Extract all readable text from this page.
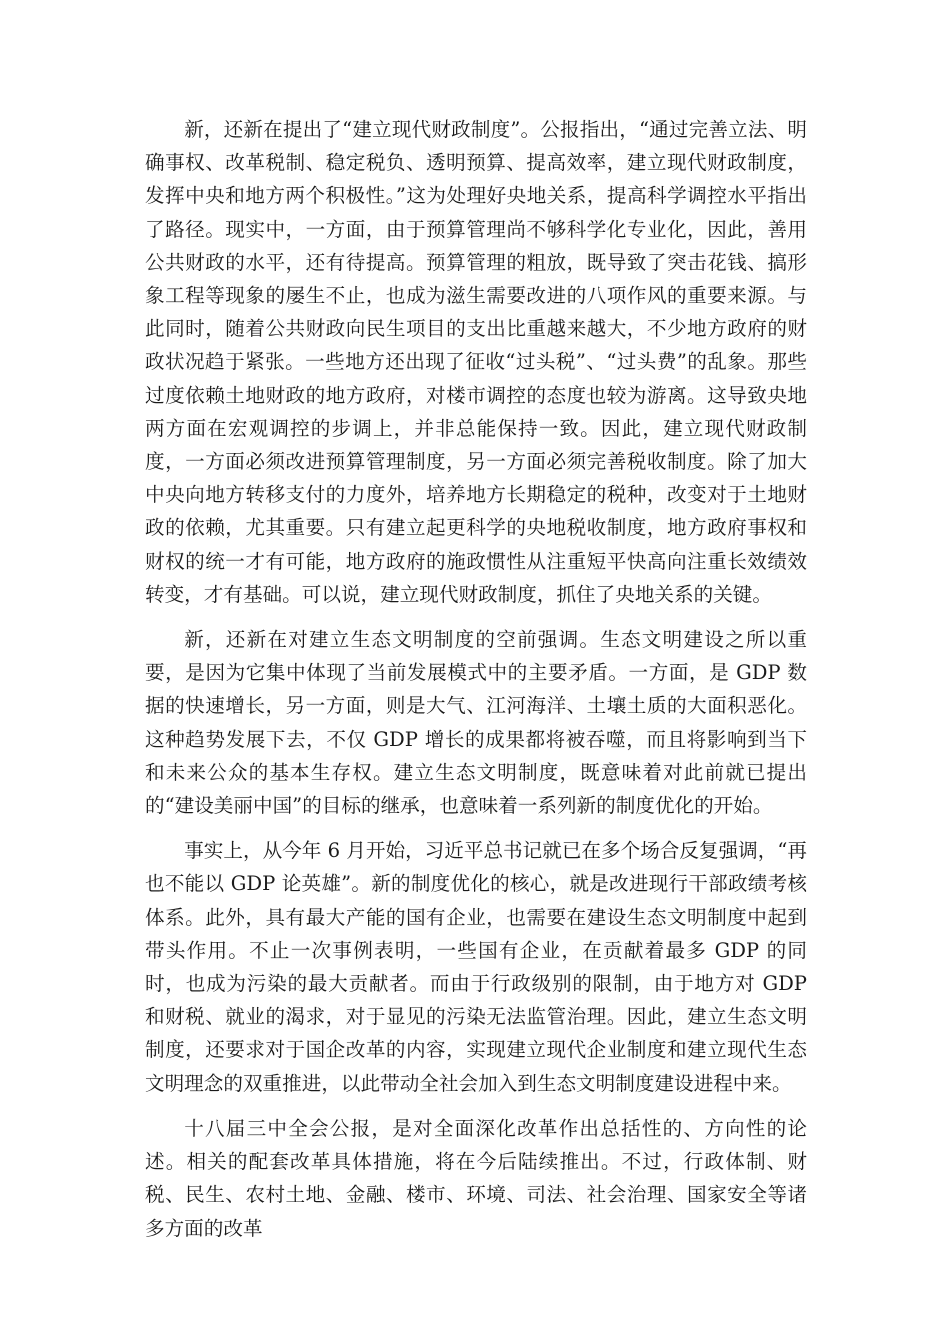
新，还新在提出了“建立现代财政制度”。公报指出，“通过完善立法、明确事权、改革税制、稳定税负、透明预算、提高效率，建立现代财政制度，发挥中央和地方两个积极性。”这为处理好央地关系，提高科学调控水平指出了路径。现实中，一方面，由于预算管理尚不够科学化专业化，因此，善用公共财政的水平，还有待提高。预算管理的粗放，既导致了突击花钱、搞形象工程等现象的屡生不止，也成为滋生需要改进的八项作风的重要来源。与此同时，随着公共财政向民生项目的支出比重越来越大，不少地方政府的财政状况趋于紧张。一些地方还出现了征收“过头税”、“过头费”的乱象。那些过度依赖土地财政的地方政府，对楼市调控的态度也较为游离。这导致央地两方面在宏观调控的步调上，并非总能保持一致。因此，建立现代财政制度，一方面必须改进预算管理制度，另一方面必须完善税收制度。除了加大中央向地方转移支付的力度外，培养地方长期稳定的税种，改变对于土地财政的依赖，尤其重要。只有建立起更科学的央地税收制度，地方政府事权和财权的统一才有可能，地方政府的施政惯性从注重短平快高向注重长效绩效转变，才有基础。可以说，建立现代财政制度，抓住了央地关系的关键。

新，还新在对建立生态文明制度的空前强调。生态文明建设之所以重要，是因为它集中体现了当前发展模式中的主要矛盾。一方面，是 GDP 数据的快速增长，另一方面，则是大气、江河海洋、土壤土质的大面积恶化。这种趋势发展下去，不仅 GDP 增长的成果都将被吞噬，而且将影响到当下和未来公众的基本生存权。建立生态文明制度，既意味着对此前就已提出的“建设美丽中国”的目标的继承，也意味着一系列新的制度优化的开始。

事实上，从今年 6 月开始，习近平总书记就已在多个场合反复强调，“再也不能以 GDP 论英雄”。新的制度优化的核心，就是改进现行干部政绩考核体系。此外，具有最大产能的国有企业，也需要在建设生态文明制度中起到带头作用。不止一次事例表明，一些国有企业，在贡献着最多 GDP 的同时，也成为污染的最大贡献者。而由于行政级别的限制，由于地方对 GDP 和财税、就业的渴求，对于显见的污染无法监管治理。因此，建立生态文明制度，还要求对于国企改革的内容，实现建立现代企业制度和建立现代生态文明理念的双重推进，以此带动全社会加入到生态文明制度建设进程中来。

十八届三中全会公报，是对全面深化改革作出总括性的、方向性的论述。相关的配套改革具体措施，将在今后陆续推出。不过，行政体制、财税、民生、农村土地、金融、楼市、环境、司法、社会治理、国家安全等诸多方面的改革
